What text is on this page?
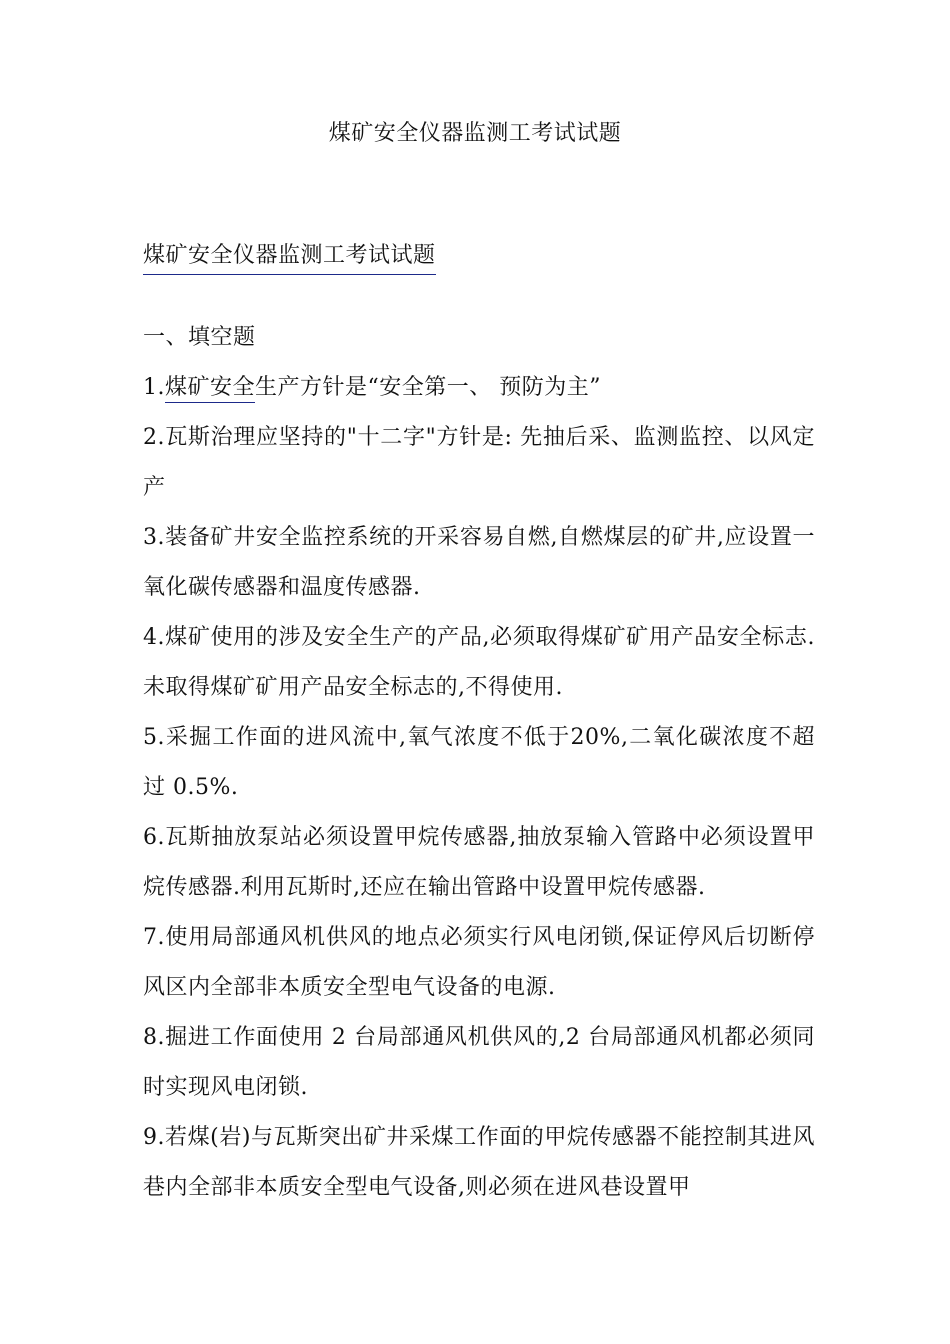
煤矿安全仪器监测工考试试题
煤矿安全仪器监测工考试试题
一、填空题
1.煤矿安全生产方针是“安全第一、 预防为主”
2.瓦斯治理应坚持的"十二字"方针是: 先抽后采、监测监控、以风定产
3.装备矿井安全监控系统的开采容易自燃,自燃煤层的矿井,应设置一氧化碳传感器和温度传感器.
4.煤矿使用的涉及安全生产的产品,必须取得煤矿矿用产品安全标志.未取得煤矿矿用产品安全标志的,不得使用.
5.采掘工作面的进风流中,氧气浓度不低于20%,二氧化碳浓度不超过 0.5%.
6.瓦斯抽放泵站必须设置甲烷传感器,抽放泵输入管路中必须设置甲烷传感器.利用瓦斯时,还应在输出管路中设置甲烷传感器.
7.使用局部通风机供风的地点必须实行风电闭锁,保证停风后切断停风区内全部非本质安全型电气设备的电源.
8.掘进工作面使用 2 台局部通风机供风的,2 台局部通风机都必须同时实现风电闭锁.
9.若煤(岩)与瓦斯突出矿井采煤工作面的甲烷传感器不能控制其进风巷内全部非本质安全型电气设备,则必须在进风巷设置甲
